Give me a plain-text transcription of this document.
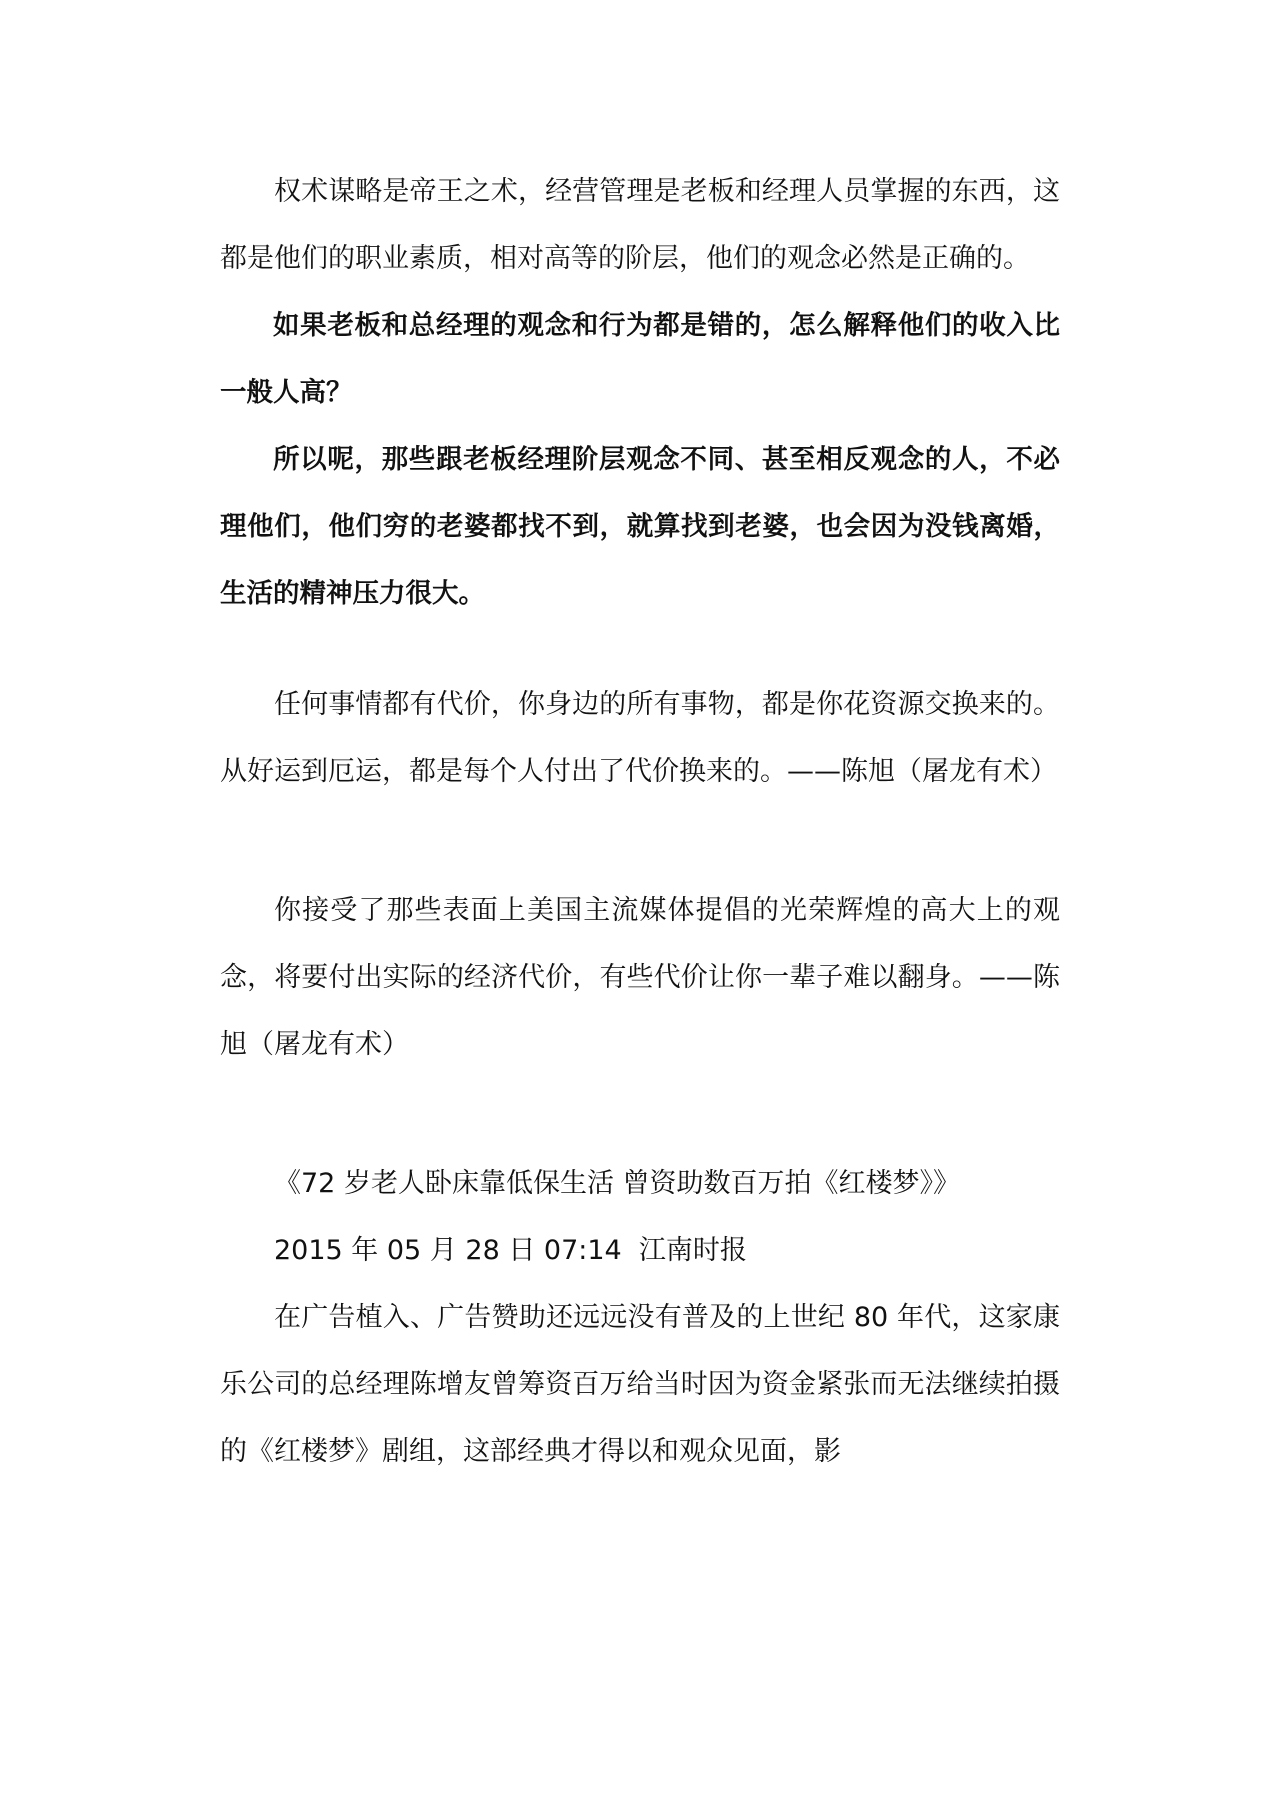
权术谋略是帝王之术，经营管理是老板和经理人员掌握的东西，这都是他们的职业素质，相对高等的阶层，他们的观念必然是正确的。

如果老板和总经理的观念和行为都是错的，怎么解释他们的收入比一般人高？

所以呢，那些跟老板经理阶层观念不同、甚至相反观念的人，不必理他们，他们穷的老婆都找不到，就算找到老婆，也会因为没钱离婚，生活的精神压力很大。

任何事情都有代价，你身边的所有事物，都是你花资源交换来的。从好运到厄运，都是每个人付出了代价换来的。——陈旭（屠龙有术）

你接受了那些表面上美国主流媒体提倡的光荣辉煌的高大上的观念，将要付出实际的经济代价，有些代价让你一辈子难以翻身。——陈旭（屠龙有术）

《72 岁老人卧床靠低保生活 曾资助数百万拍《红楼梦》》

2015 年 05 月 28 日 07:14  江南时报

在广告植入、广告赞助还远远没有普及的上世纪 80 年代，这家康乐公司的总经理陈增友曾筹资百万给当时因为资金紧张而无法继续拍摄的《红楼梦》剧组，这部经典才得以和观众见面，影
